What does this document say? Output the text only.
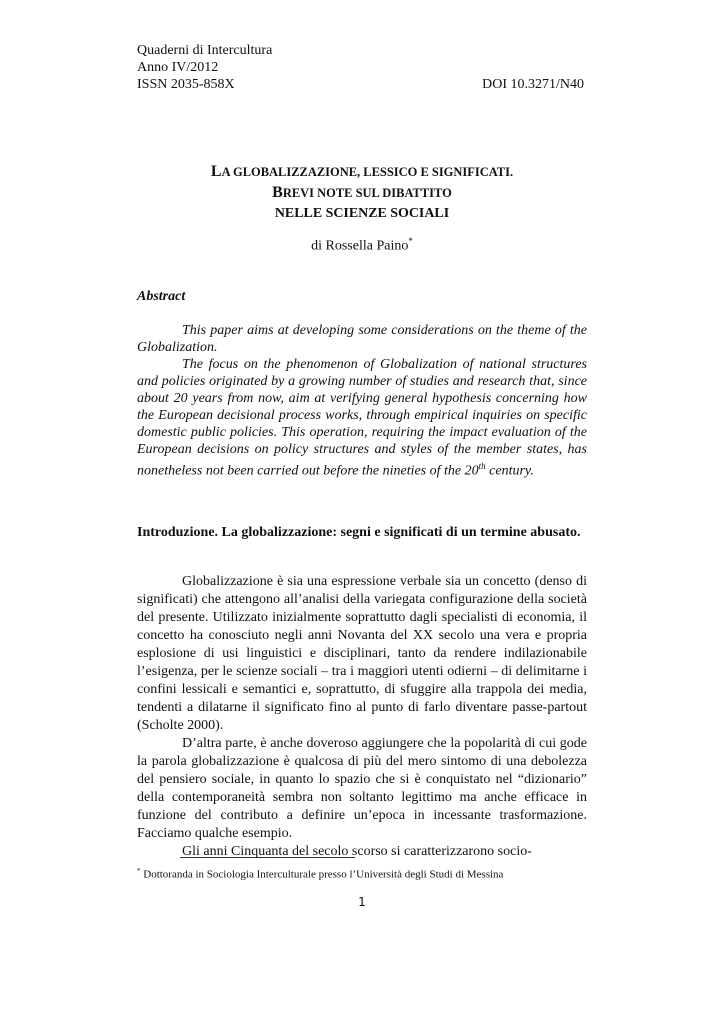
Quaderni di Intercultura
Anno IV/2012
ISSN 2035-858X	DOI 10.3271/N40
LA GLOBALIZZAZIONE, LESSICO E SIGNIFICATI.
BREVI NOTE SUL DIBATTITO
NELLE SCIENZE SOCIALI
di Rossella Paino*
Abstract

This paper aims at developing some considerations on the theme of the Globalization.

The focus on the phenomenon of Globalization of national structures and policies originated by a growing number of studies and research that, since about 20 years from now, aim at verifying general hypothesis concerning how the European decisional process works, through empirical inquiries on specific domestic public policies. This operation, requiring the impact evaluation of the European decisions on policy structures and styles of the member states, has nonetheless not been carried out before the nineties of the 20th century.

Introduzione. La globalizzazione: segni e significati di un termine abusato.

Globalizzazione è sia una espressione verbale sia un concetto (denso di significati) che attengono all’analisi della variegata configurazione della società del presente. Utilizzato inizialmente soprattutto dagli specialisti di economia, il concetto ha conosciuto negli anni Novanta del XX secolo una vera e propria esplosione di usi linguistici e disciplinari, tanto da rendere indilazionabile l’esigenza, per le scienze sociali – tra i maggiori utenti odierni – di delimitarne i confini lessicali e semantici e, soprattutto, di sfuggire alla trappola dei media, tendenti a dilatarne il significato fino al punto di farlo diventare passe-partout (Scholte 2000).

D’altra parte, è anche doveroso aggiungere che la popolarità di cui gode la parola globalizzazione è qualcosa di più del mero sintomo di una debolezza del pensiero sociale, in quanto lo spazio che si è conquistato nel “dizionario” della contemporaneità sembra non soltanto legittimo ma anche efficace in funzione del contributo a definire un’epoca in incessante trasformazione. Facciamo qualche esempio.

Gli anni Cinquanta del secolo scorso si caratterizzarono socio-

* Dottoranda in Sociologia Interculturale presso l’Università degli Studi di Messina
1
